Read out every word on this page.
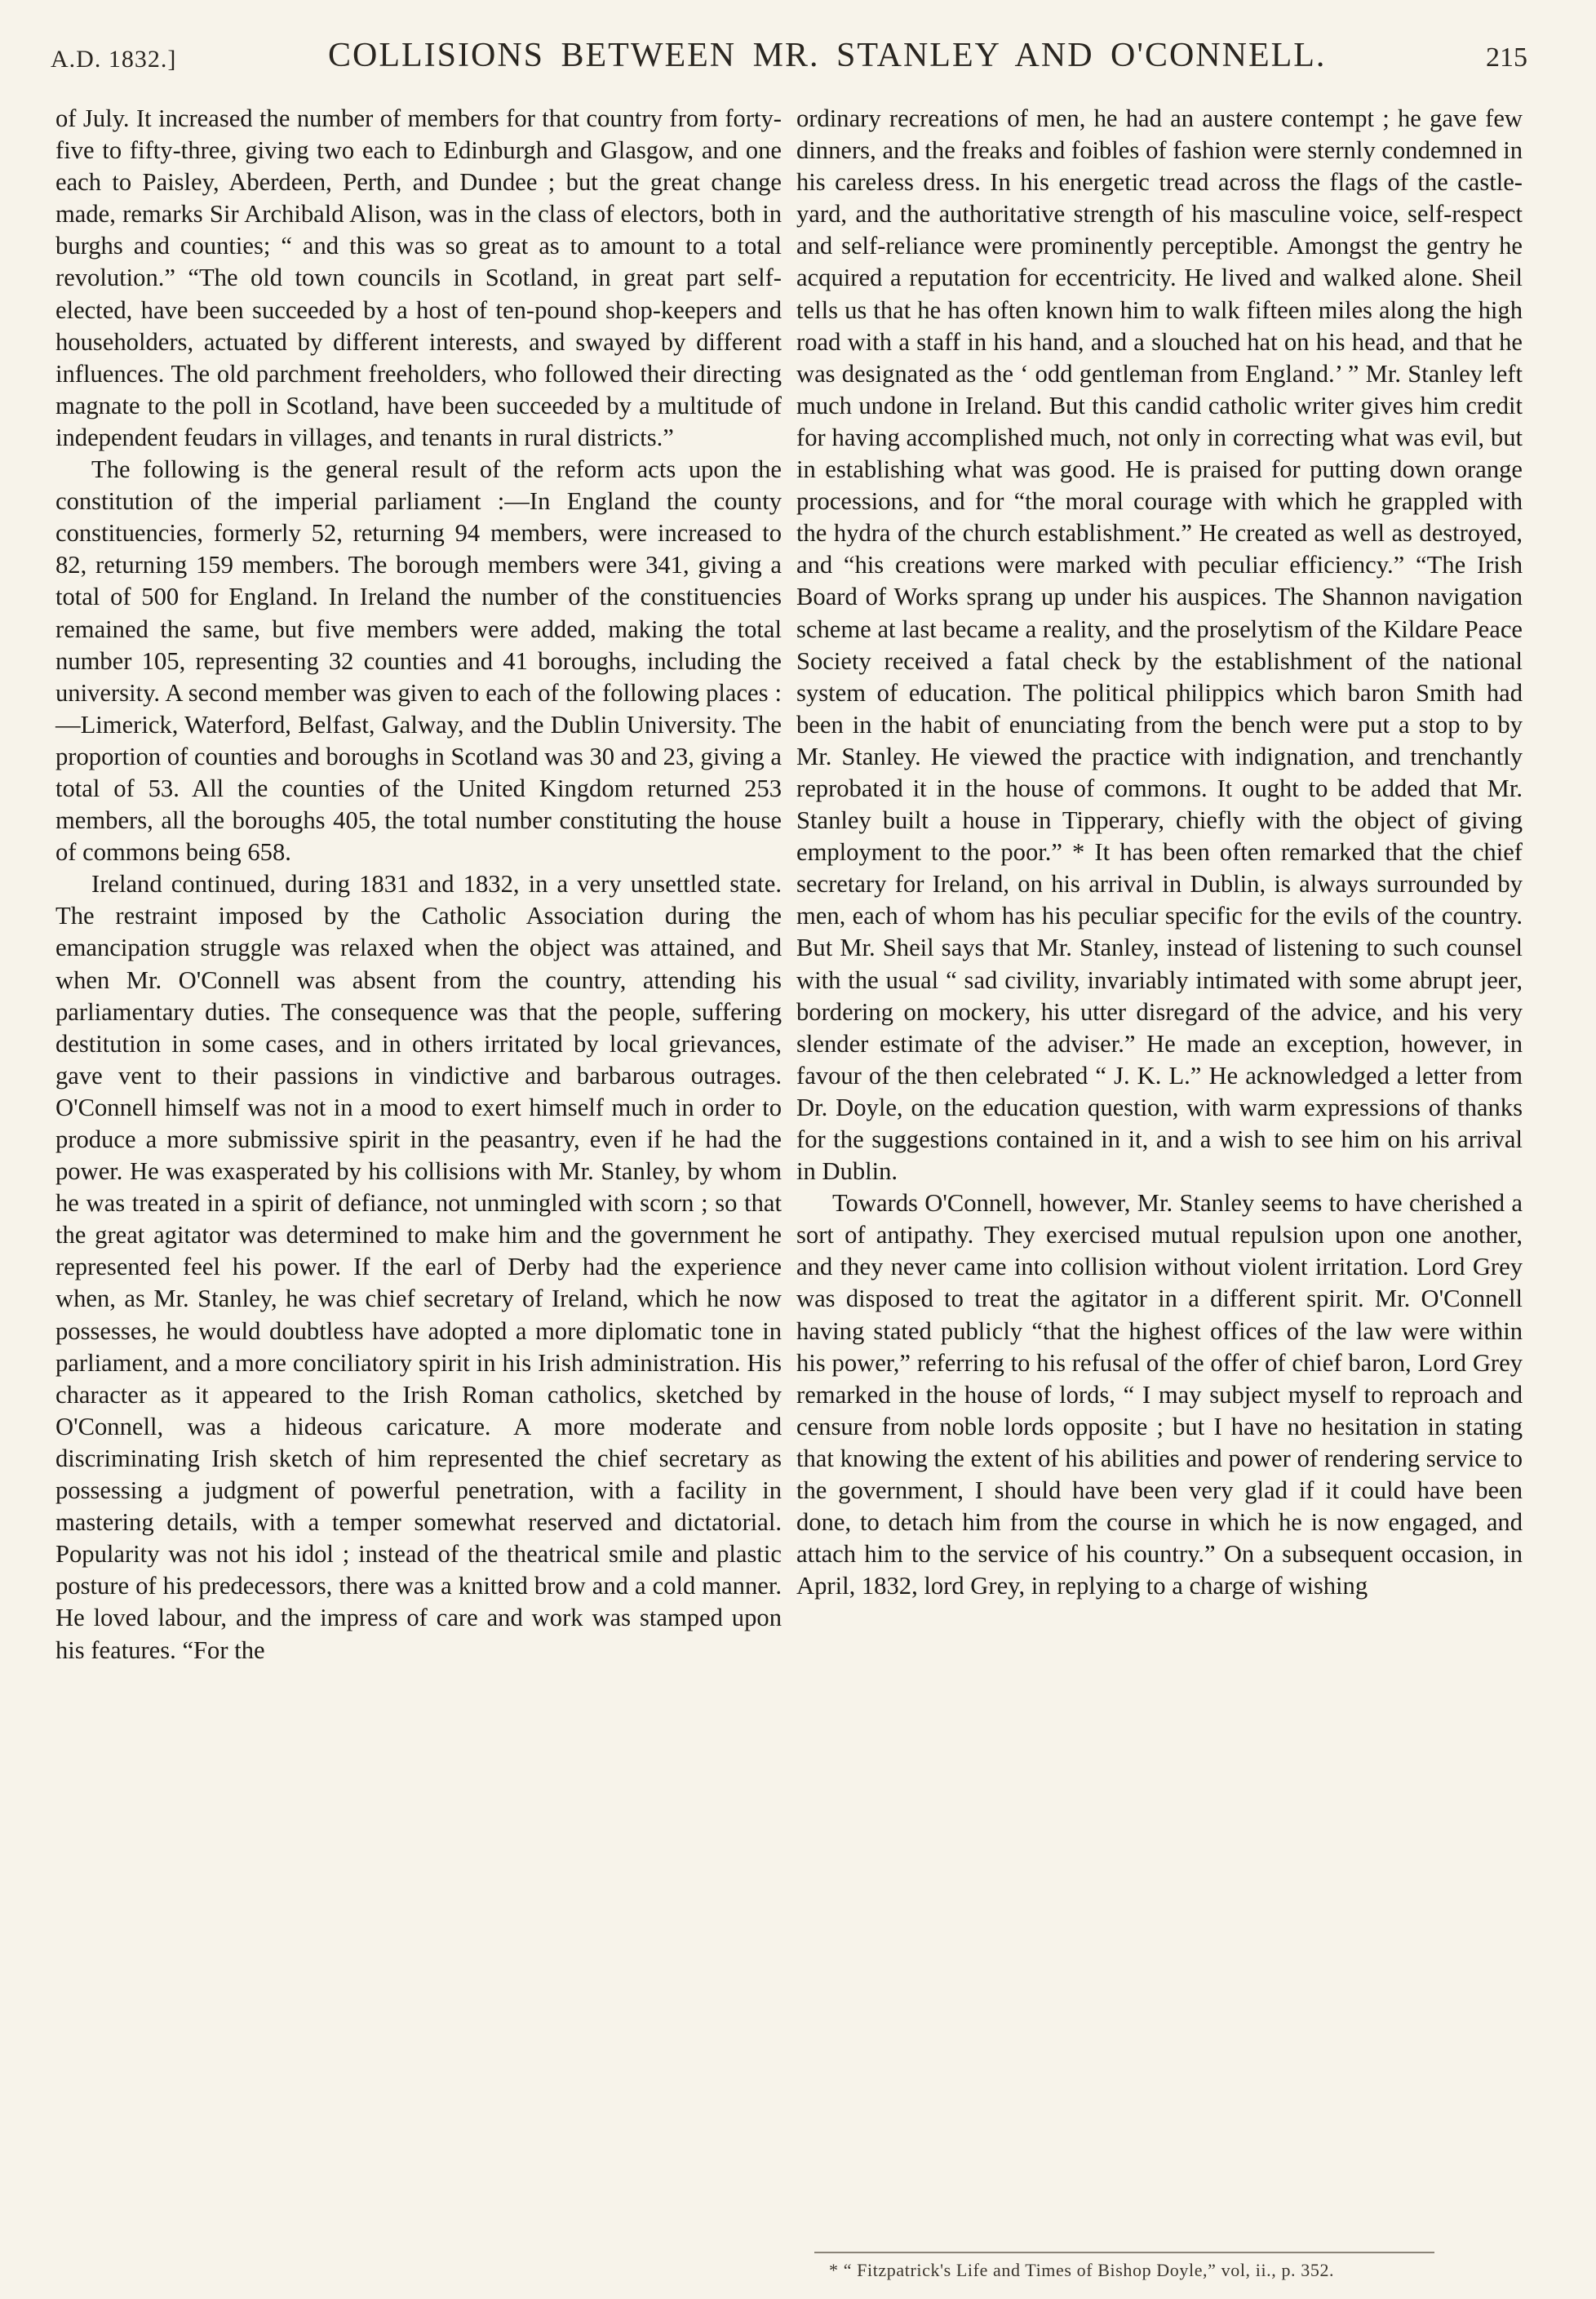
A.D. 1832.]	COLLISIONS BETWEEN MR. STANLEY AND O'CONNELL.	215

of July. It increased the number of members for that country from forty-five to fifty-three, giving two each to Edinburgh and Glasgow, and one each to Paisley, Aberdeen, Perth, and Dundee ; but the great change made, remarks Sir Archibald Alison, was in the class of electors, both in burghs and counties; “ and this was so great as to amount to a total revolution.” “The old town councils in Scotland, in great part self-elected, have been succeeded by a host of ten-pound shop-keepers and householders, actuated by different interests, and swayed by different influences. The old parchment freeholders, who followed their directing magnate to the poll in Scotland, have been succeeded by a multitude of independent feudars in villages, and tenants in rural districts.”

The following is the general result of the reform acts upon the constitution of the imperial parliament :—In England the county constituencies, formerly 52, returning 94 members, were increased to 82, returning 159 members. The borough members were 341, giving a total of 500 for England. In Ireland the number of the constituencies remained the same, but five members were added, making the total number 105, representing 32 counties and 41 boroughs, including the university. A second member was given to each of the following places :—Limerick, Waterford, Belfast, Galway, and the Dublin University. The proportion of counties and boroughs in Scotland was 30 and 23, giving a total of 53. All the counties of the United Kingdom returned 253 members, all the boroughs 405, the total number constituting the house of commons being 658.

Ireland continued, during 1831 and 1832, in a very unsettled state. The restraint imposed by the Catholic Association during the emancipation struggle was relaxed when the object was attained, and when Mr. O'Connell was absent from the country, attending his parliamentary duties. The consequence was that the people, suffering destitution in some cases, and in others irritated by local grievances, gave vent to their passions in vindictive and barbarous outrages. O'Connell himself was not in a mood to exert himself much in order to produce a more submissive spirit in the peasantry, even if he had the power. He was exasperated by his collisions with Mr. Stanley, by whom he was treated in a spirit of defiance, not unmingled with scorn ; so that the great agitator was determined to make him and the government he represented feel his power. If the earl of Derby had the experience when, as Mr. Stanley, he was chief secretary of Ireland, which he now possesses, he would doubtless have adopted a more diplomatic tone in parliament, and a more conciliatory spirit in his Irish administration. His character as it appeared to the Irish Roman catholics, sketched by O'Connell, was a hideous caricature. A more moderate and discriminating Irish sketch of him represented the chief secretary as possessing a judgment of powerful penetration, with a facility in mastering details, with a temper somewhat reserved and dictatorial. Popularity was not his idol ; instead of the theatrical smile and plastic posture of his predecessors, there was a knitted brow and a cold manner. He loved labour, and the impress of care and work was stamped upon his features. “For the

ordinary recreations of men, he had an austere contempt ; he gave few dinners, and the freaks and foibles of fashion were sternly condemned in his careless dress. In his energetic tread across the flags of the castle-yard, and the authoritative strength of his masculine voice, self-respect and self-reliance were prominently perceptible. Amongst the gentry he acquired a reputation for eccentricity. He lived and walked alone. Sheil tells us that he has often known him to walk fifteen miles along the high road with a staff in his hand, and a slouched hat on his head, and that he was designated as the ‘ odd gentleman from England.’ ” Mr. Stanley left much undone in Ireland. But this candid catholic writer gives him credit for having accomplished much, not only in correcting what was evil, but in establishing what was good. He is praised for putting down orange processions, and for “the moral courage with which he grappled with the hydra of the church establishment.” He created as well as destroyed, and “his creations were marked with peculiar efficiency.” “The Irish Board of Works sprang up under his auspices. The Shannon navigation scheme at last became a reality, and the proselytism of the Kildare Peace Society received a fatal check by the establishment of the national system of education. The political philippics which baron Smith had been in the habit of enunciating from the bench were put a stop to by Mr. Stanley. He viewed the practice with indignation, and trenchantly reprobated it in the house of commons. It ought to be added that Mr. Stanley built a house in Tipperary, chiefly with the object of giving employment to the poor.” * It has been often remarked that the chief secretary for Ireland, on his arrival in Dublin, is always surrounded by men, each of whom has his peculiar specific for the evils of the country. But Mr. Sheil says that Mr. Stanley, instead of listening to such counsel with the usual “ sad civility, invariably intimated with some abrupt jeer, bordering on mockery, his utter disregard of the advice, and his very slender estimate of the adviser.” He made an exception, however, in favour of the then celebrated “ J. K. L.” He acknowledged a letter from Dr. Doyle, on the education question, with warm expressions of thanks for the suggestions contained in it, and a wish to see him on his arrival in Dublin.

Towards O'Connell, however, Mr. Stanley seems to have cherished a sort of antipathy. They exercised mutual repulsion upon one another, and they never came into collision without violent irritation. Lord Grey was disposed to treat the agitator in a different spirit. Mr. O'Connell having stated publicly “that the highest offices of the law were within his power,” referring to his refusal of the offer of chief baron, Lord Grey remarked in the house of lords, “ I may subject myself to reproach and censure from noble lords opposite ; but I have no hesitation in stating that knowing the extent of his abilities and power of rendering service to the government, I should have been very glad if it could have been done, to detach him from the course in which he is now engaged, and attach him to the service of his country.” On a subsequent occasion, in April, 1832, lord Grey, in replying to a charge of wishing

* “ Fitzpatrick's Life and Times of Bishop Doyle,” vol, ii., p. 352.
